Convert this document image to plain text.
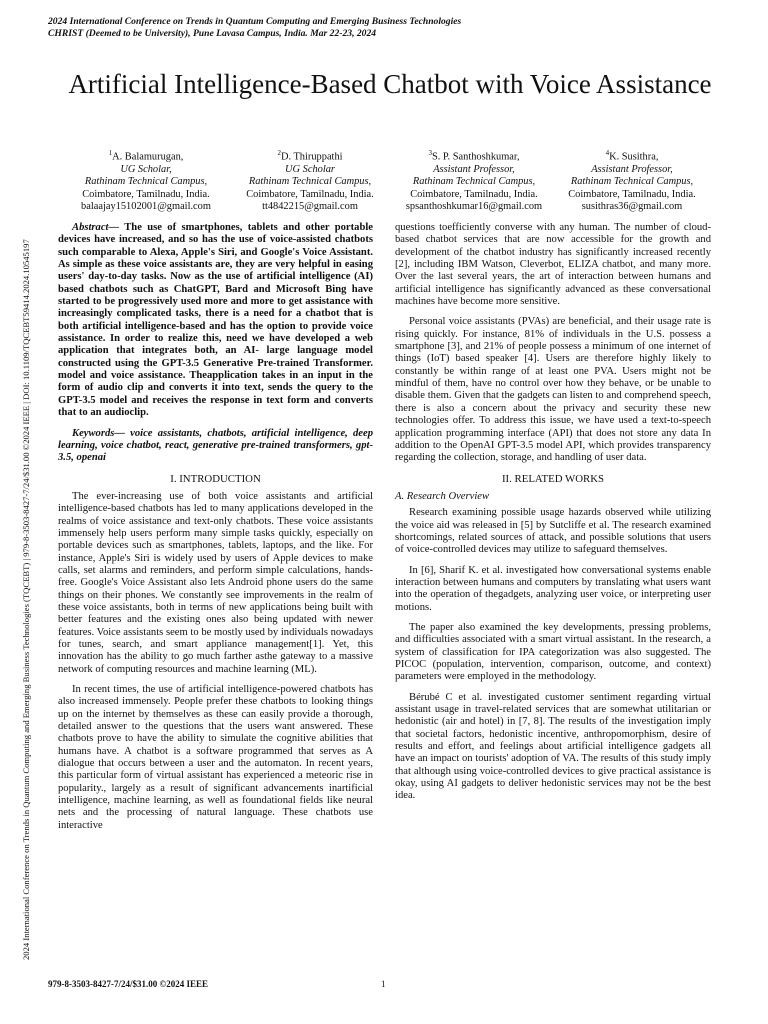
2024 International Conference on Trends in Quantum Computing and Emerging Business Technologies
CHRIST (Deemed to be University), Pune Lavasa Campus, India. Mar 22-23, 2024
2024 International Conference on Trends in Quantum Computing and Emerging Business Technologies (TQCEBT) | 979-8-3503-8427-7/24/$31.00 ©2024 IEEE | DOI: 10.1109/TQCEBT59414.2024.10545197
Artificial Intelligence-Based Chatbot with Voice Assistance
$^1$A. Balamurugan,
UG Scholar,
Rathinam Technical Campus,
Coimbatore, Tamilnadu, India.
balaajay15102001@gmail.com
$^2$D. Thiruppathi
UG Scholar
Rathinam Technical Campus,
Coimbatore, Tamilnadu, India.
tt4842215@gmail.com
$^3$S. P. Santhoshkumar,
Assistant Professor,
Rathinam Technical Campus,
Coimbatore, Tamilnadu, India.
spsanthoshkumar16@gmail.com
$^4$K. Susithra,
Assistant Professor,
Rathinam Technical Campus,
Coimbatore, Tamilnadu, India.
susithras36@gmail.com

Abstract— The use of smartphones, tablets and other portable devices have increased, and so has the use of voice-assisted chatbots such comparable to Alexa, Apple's Siri, and Google's Voice Assistant. As simple as these voice assistants are, they are very helpful in easing users' day-to-day tasks. Now as the use of artificial intelligence (AI) based chatbots such as ChatGPT, Bard and Microsoft Bing have started to be progressively used more and more to get assistance with increasingly complicated tasks, there is a need for a chatbot that is both artificial intelligence-based and has the option to provide voice assistance. In order to realize this, need we have developed a web application that integrates both, an AI- large language model constructed using the GPT-3.5 Generative Pre-trained Transformer. model and voice assistance. Theapplication takes in an input in the form of audio clip and converts it into text, sends the query to the GPT-3.5 model and receives the response in text form and converts that to an audioclip.

Keywords— voice assistants, chatbots, artificial intelligence, deep learning, voice chatbot, react, generative pre-trained transformers, gpt-3.5, openai

I. INTRODUCTION

The ever-increasing use of both voice assistants and artificial intelligence-based chatbots has led to many applications developed in the realms of voice assistance and text-only chatbots. These voice assistants immensely help users perform many simple tasks quickly, especially on portable devices such as smartphones, tablets, laptops, and the like. For instance, Apple's Siri is widely used by users of Apple devices to make calls, set alarms and reminders, and perform simple calculations, hands-free. Google's Voice Assistant also lets Android phone users do the same things on their phones. We constantly see improvements in the realm of these voice assistants, both in terms of new applications being built with better features and the existing ones also being updated with newer features. Voice assistants seem to be mostly used by individuals nowadays for tunes, search, and smart appliance management[1]. Yet, this innovation has the ability to go much farther asthe gateway to a massive network of computing resources and machine learning (ML).

In recent times, the use of artificial intelligence-powered chatbots has also increased immensely. People prefer these chatbots to looking things up on the internet by themselves as these can easily provide a thorough, detailed answer to the questions that the users want answered. These chatbots prove to have the ability to simulate the cognitive abilities that humans have. A chatbot is a software programmed that serves as A dialogue that occurs between a user and the automaton. In recent years, this particular form of virtual assistant has experienced a meteoric rise in popularity., largely as a result of significant advancements inartificial intelligence, machine learning, as well as foundational fields like neural nets and the processing of natural language. These chatbots use interactive

questions toefficiently converse with any human. The number of cloud- based chatbot services that are now accessible for the growth and development of the chatbot industry has significantly increased recently [2], including IBM Watson, Cleverbot, ELIZA chatbot, and many more. Over the last several years, the art of interaction between humans and artificial intelligence has significantly advanced as these conversational machines have become more sensitive.

Personal voice assistants (PVAs) are beneficial, and their usage rate is rising quickly. For instance, 81% of individuals in the U.S. possess a smartphone [3], and 21% of people possess a minimum of one internet of things (IoT) based speaker [4]. Users are therefore highly likely to constantly be within range of at least one PVA. Users might not be mindful of them, have no control over how they behave, or be unable to disable them. Given that the gadgets can listen to and comprehend speech, there is also a concern about the privacy and security these new technologies offer. To address this issue, we have used a text-to-speech application programming interface (API) that does not store any data In addition to the OpenAI GPT-3.5 model API, which provides transparency regarding the collection, storage, and handling of user data.

II. RELATED WORKS
A. Research Overview

Research examining possible usage hazards observed while utilizing the voice aid was released in [5] by Sutcliffe et al. The research examined shortcomings, related sources of attack, and possible solutions that users of voice-controlled devices may utilize to safeguard themselves.

In [6], Sharif K. et al. investigated how conversational systems enable interaction between humans and computers by translating what users want into the operation of thegadgets, analyzing user voice, or interpreting user motions.

The paper also examined the key developments, pressing problems, and difficulties associated with a smart virtual assistant. In the research, a system of classification for IPA categorization was also suggested. The PICOC (population, intervention, comparison, outcome, and context) parameters were employed in the methodology.

Bérubé C et al. investigated customer sentiment regarding virtual assistant usage in travel-related services that are somewhat utilitarian or hedonistic (air and hotel) in [7, 8]. The results of the investigation imply that societal factors, hedonistic incentive, anthropomorphism, desire of results and effort, and feelings about artificial intelligence gadgets all have an impact on tourists' adoption of VA. The results of this study imply that although using voice-controlled devices to give practical assistance is okay, using AI gadgets to deliver hedonistic services may not be the best idea.

979-8-3503-8427-7/24/$31.00 ©2024 IEEE	1
